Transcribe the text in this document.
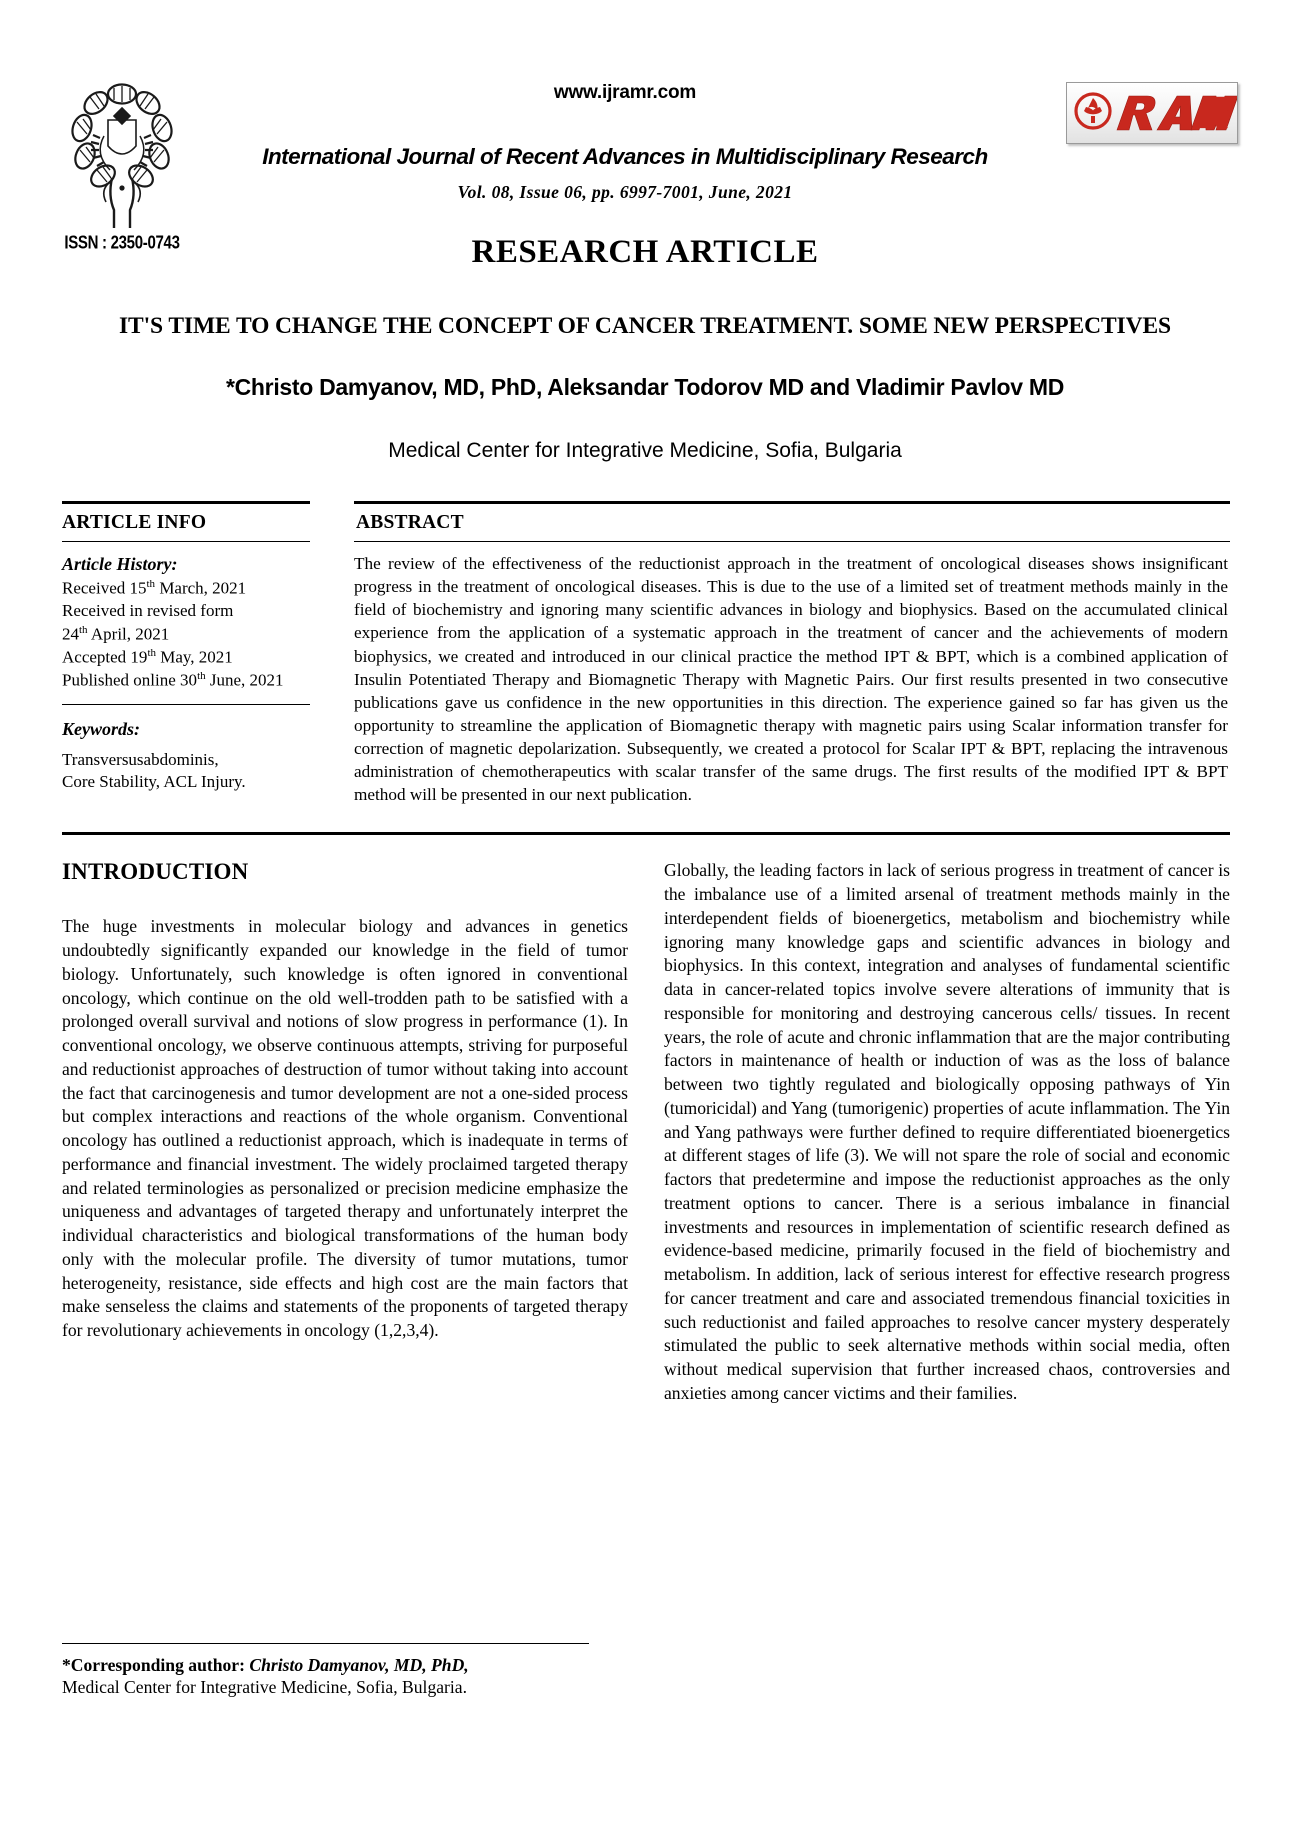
ISSN : 2350-0743
www.ijramr.com
International Journal of Recent Advances in Multidisciplinary Research
Vol. 08, Issue 06, pp. 6997-7001, June, 2021
RESEARCH ARTICLE
IT'S TIME TO CHANGE THE CONCEPT OF CANCER TREATMENT. SOME NEW PERSPECTIVES
*Christo Damyanov, MD, PhD, Aleksandar Todorov MD and Vladimir Pavlov MD
Medical Center for Integrative Medicine, Sofia, Bulgaria
ARTICLE INFO
Article History:
Received 15th March, 2021
Received in revised form
24th April, 2021
Accepted 19th May, 2021
Published online 30th June, 2021
Keywords:
Transversusabdominis,
Core Stability, ACL Injury.
ABSTRACT
The review of the effectiveness of the reductionist approach in the treatment of oncological diseases shows insignificant progress in the treatment of oncological diseases. This is due to the use of a limited set of treatment methods mainly in the field of biochemistry and ignoring many scientific advances in biology and biophysics. Based on the accumulated clinical experience from the application of a systematic approach in the treatment of cancer and the achievements of modern biophysics, we created and introduced in our clinical practice the method IPT & BPT, which is a combined application of Insulin Potentiated Therapy and Biomagnetic Therapy with Magnetic Pairs. Our first results presented in two consecutive publications gave us confidence in the new opportunities in this direction. The experience gained so far has given us the opportunity to streamline the application of Biomagnetic therapy with magnetic pairs using Scalar information transfer for correction of magnetic depolarization. Subsequently, we created a protocol for Scalar IPT & BPT, replacing the intravenous administration of chemotherapeutics with scalar transfer of the same drugs. The first results of the modified IPT & BPT method will be presented in our next publication.
INTRODUCTION

The huge investments in molecular biology and advances in genetics undoubtedly significantly expanded our knowledge in the field of tumor biology. Unfortunately, such knowledge is often ignored in conventional oncology, which continue on the old well-trodden path to be satisfied with a prolonged overall survival and notions of slow progress in performance (1). In conventional oncology, we observe continuous attempts, striving for purposeful and reductionist approaches of destruction of tumor without taking into account the fact that carcinogenesis and tumor development are not a one-sided process but complex interactions and reactions of the whole organism. Conventional oncology has outlined a reductionist approach, which is inadequate in terms of performance and financial investment. The widely proclaimed targeted therapy and related terminologies as personalized or precision medicine emphasize the uniqueness and advantages of targeted therapy and unfortunately interpret the individual characteristics and biological transformations of the human body only with the molecular profile. The diversity of tumor mutations, tumor heterogeneity, resistance, side effects and high cost are the main factors that make senseless the claims and statements of the proponents of targeted therapy for revolutionary achievements in oncology (1,2,3,4).

Globally, the leading factors in lack of serious progress in treatment of cancer is the imbalance use of a limited arsenal of treatment methods mainly in the interdependent fields of bioenergetics, metabolism and biochemistry while ignoring many knowledge gaps and scientific advances in biology and biophysics. In this context, integration and analyses of fundamental scientific data in cancer-related topics involve severe alterations of immunity that is responsible for monitoring and destroying cancerous cells/ tissues. In recent years, the role of acute and chronic inflammation that are the major contributing factors in maintenance of health or induction of was as the loss of balance between two tightly regulated and biologically opposing pathways of Yin (tumoricidal) and Yang (tumorigenic) properties of acute inflammation. The Yin and Yang pathways were further defined to require differentiated bioenergetics at different stages of life (3). We will not spare the role of social and economic factors that predetermine and impose the reductionist approaches as the only treatment options to cancer. There is a serious imbalance in financial investments and resources in implementation of scientific research defined as evidence-based medicine, primarily focused in the field of biochemistry and metabolism. In addition, lack of serious interest for effective research progress for cancer treatment and care and associated tremendous financial toxicities in such reductionist and failed approaches to resolve cancer mystery desperately stimulated the public to seek alternative methods within social media, often without medical supervision that further increased chaos, controversies and anxieties among cancer victims and their families.

*Corresponding author: Christo Damyanov, MD, PhD,
Medical Center for Integrative Medicine, Sofia, Bulgaria.
